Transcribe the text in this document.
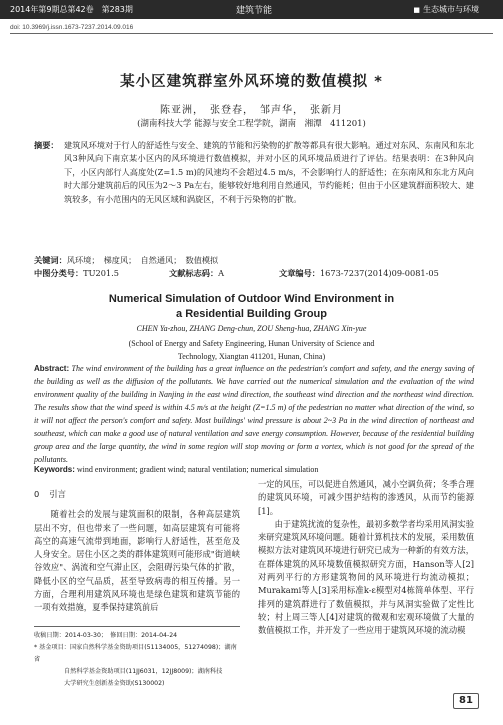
2014年第9期总第42卷　第283期	建筑节能
■	生态城市与环境
doi: 10.3969/j.issn.1673-7237.2014.09.016
某小区建筑群室外风环境的数值模拟 *
陈亚洲，　张登春，　邹声华，　张新月
(湖南科技大学 能源与安全工程学院，湖南　湘潭　411201)
摘要： 建筑风环境对于行人的舒适性与安全、建筑的节能和污染物的扩散等都具有很大影响。通过对东风、东南风和东北风3种风向下南京某小区内的风环境进行数值模拟，并对小区的风环境品质进行了评估。结果表明：在3种风向下，小区内部行人高度处(Z=1.5 m)的风速均不会超过4.5 m/s，不会影响行人的舒适性；在东南风和东北方风向时大部分建筑前后的风压为2～3 Pa左右，能够较好地利用自然通风，节约能耗；但由于小区建筑群面积较大、建筑较多，有小范围内的无风区域和涡旋区，不利于污染物的扩散。
关键词：风环境；　梯度风；　自然通风；　数值模拟
中图分类号：TU201.5	文献标志码：A	文章编号：1673-7237(2014)09-0081-05
Numerical Simulation of Outdoor Wind Environment in
a Residential Building Group
CHEN Ya-zhou, ZHANG Deng-chun, ZOU Sheng-hua, ZHANG Xin-yue
(School of Energy and Safety Engineering, Hunan University of Science and
Technology, Xiangtan 411201, Hunan, China)
Abstract: The wind environment of the building has a great influence on the pedestrian's comfort and safety, and the energy saving of the building as well as the diffusion of the pollutants. We have carried out the numerical simulation and the evaluation of the wind environment quality of the building in Nanjing in the east wind direction, the southeast wind direction and the northeast wind direction. The results show that the wind speed is within 4.5 m/s at the height (Z=1.5 m) of the pedestrian no matter what direction of the wind, so it will not affect the person's comfort and safety. Most buildings' wind pressure is about 2~3 Pa in the wind direction of northeast and southeast, which can make a good use of natural ventilation and save energy consumption. However, because of the residential building group area and the large quantity, the wind in some region will stop moving or form a vortex, which is not good for the spread of the pollutants.
Keywords: wind environment; gradient wind; natural ventilation; numerical simulation
0 引言
随着社会的发展与建筑面积的限制，各种高层建筑层出不穷，但也带来了一些问题，如高层建筑有可能将高空的高速气流带到地面，影响行人舒适性，甚至危及人身安全。居住小区之类的群体建筑则可能形成"街道峡谷效应"、涡流和空气滞止区，会阻碍污染气体的扩散，降低小区的空气品质，甚至导致病毒的相互传播。另一方面，合理利用建筑风环境也是绿色建筑和建筑节能的一项有效措施，夏季保持建筑前后
一定的风压，可以促进自然通风，减小空调负荷；冬季合理的建筑风环境，可减少围护结构的渗透风，从而节约能源[1]。
由于建筑扰流的复杂性，最初多数学者均采用风洞实验来研究建筑风环境问题。随着计算机技术的发展，采用数值模拟方法对建筑风环境进行研究已成为一种新的有效方法，在群体建筑的风环境数值模拟研究方面，Hanson等人[2]对两列平行的方形建筑物间的风环境进行均流动模拟；Murakami等人[3]采用标准k-ε模型对4栋简单体型、平行排列的建筑群进行了数值模拟，并与风洞实验做了定性比较；村上周三等人[4]对建筑的微观和宏观环境做了大量的数值模拟工作，并开发了一些应用于建筑风环境的流动模
收稿日期：2014-03-30；　修回日期：2014-04-24
* 基金项目：国家自然科学基金资助项目(51134005，51274098)；湖南省
自然科学基金资助项目(11JJ6031，12JJ8009)；湖南科技
大学研究生创新基金资助(S130002)
81
